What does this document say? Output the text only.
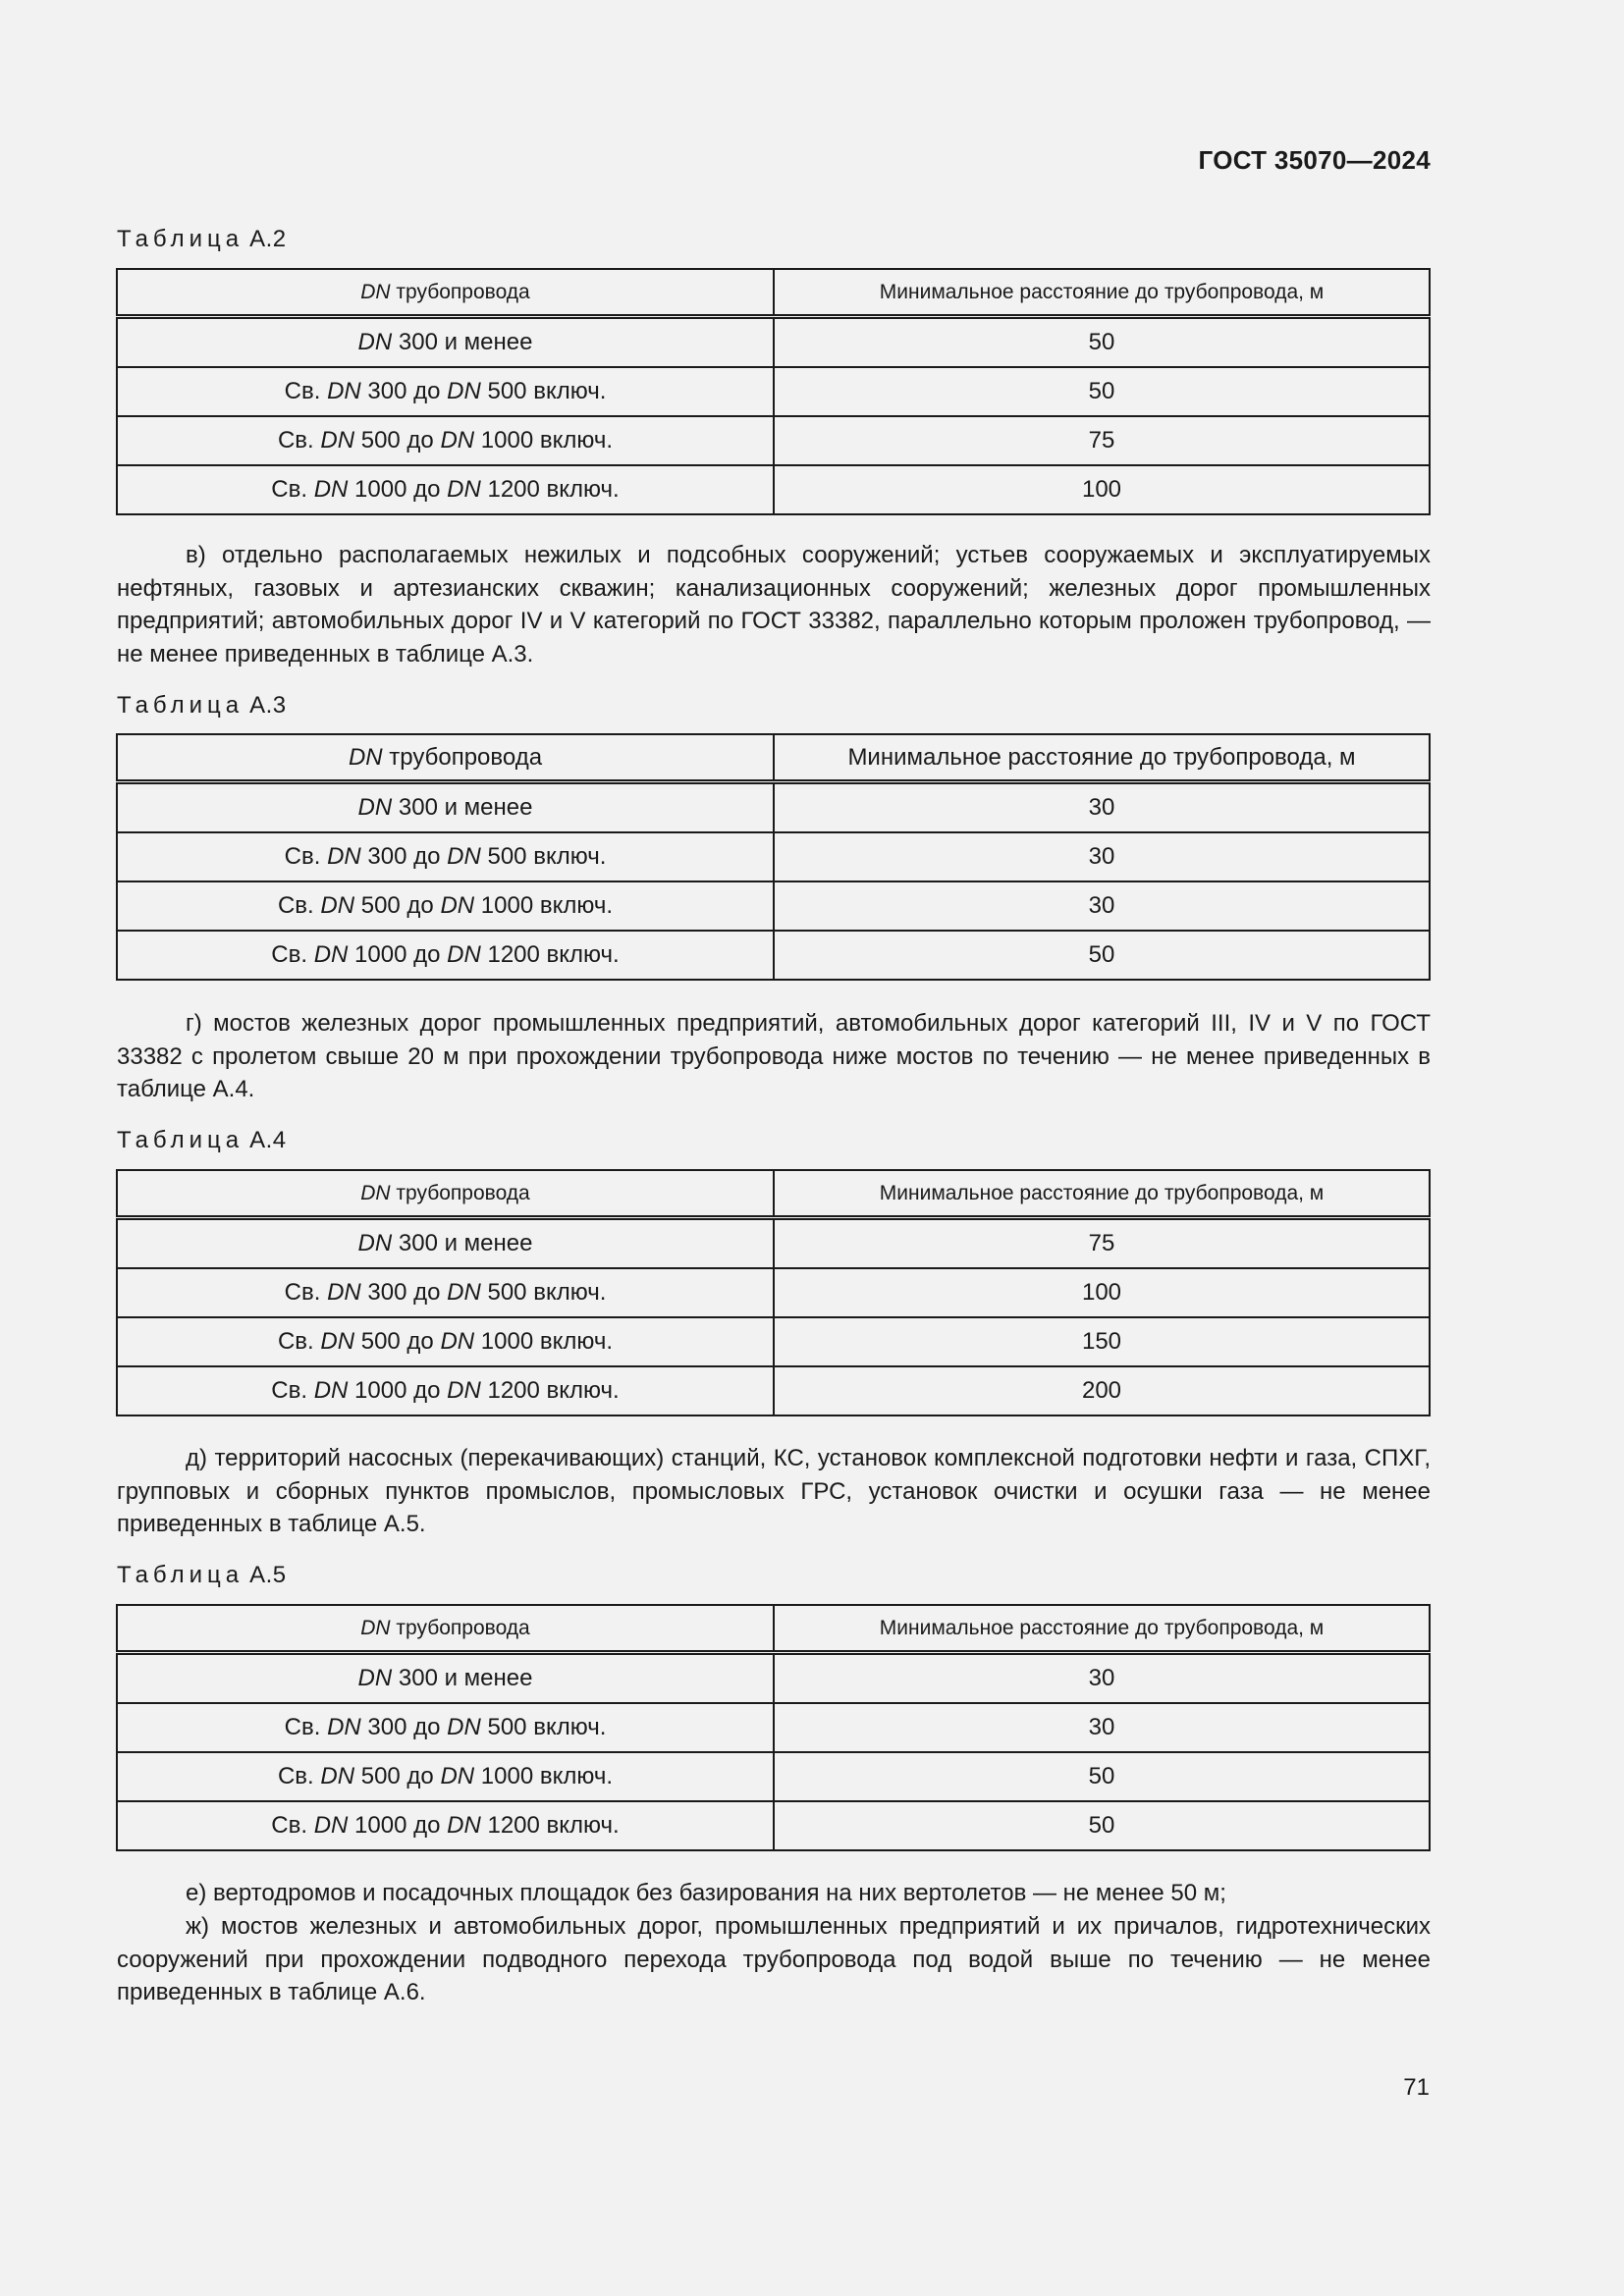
ГОСТ 35070—2024
Таблица А.2
DN трубопровода	Минимальное расстояние до трубопровода, м
DN 300 и менее	50
Св. DN 300 до DN 500 включ.	50
Св. DN 500 до DN 1000 включ.	75
Св. DN 1000 до DN 1200 включ.	100

в) отдельно располагаемых нежилых и подсобных сооружений; устьев сооружаемых и эксплуатируемых нефтяных, газовых и артезианских скважин; канализационных сооружений; железных дорог промышленных предприятий; автомобильных дорог IV и V категорий по ГОСТ 33382, параллельно которым проложен трубопровод, — не менее приведенных в таблице А.3.

Таблица А.3
DN трубопровода	Минимальное расстояние до трубопровода, м
DN 300 и менее	30
Св. DN 300 до DN 500 включ.	30
Св. DN 500 до DN 1000 включ.	30
Св. DN 1000 до DN 1200 включ.	50

г) мостов железных дорог промышленных предприятий, автомобильных дорог категорий III, IV и V по ГОСТ 33382 с пролетом свыше 20 м при прохождении трубопровода ниже мостов по течению — не менее приведенных в таблице А.4.

Таблица А.4
DN трубопровода	Минимальное расстояние до трубопровода, м
DN 300 и менее	75
Св. DN 300 до DN 500 включ.	100
Св. DN 500 до DN 1000 включ.	150
Св. DN 1000 до DN 1200 включ.	200

д) территорий насосных (перекачивающих) станций, КС, установок комплексной подготовки нефти и газа, СПХГ, групповых и сборных пунктов промыслов, промысловых ГРС, установок очистки и осушки газа — не менее приведенных в таблице А.5.

Таблица А.5
DN трубопровода	Минимальное расстояние до трубопровода, м
DN 300 и менее	30
Св. DN 300 до DN 500 включ.	30
Св. DN 500 до DN 1000 включ.	50
Св. DN 1000 до DN 1200 включ.	50

е) вертодромов и посадочных площадок без базирования на них вертолетов — не менее 50 м;

ж) мостов железных и автомобильных дорог, промышленных предприятий и их причалов, гидротехнических сооружений при прохождении подводного перехода трубопровода под водой выше по течению — не менее приведенных в таблице А.6.

71
